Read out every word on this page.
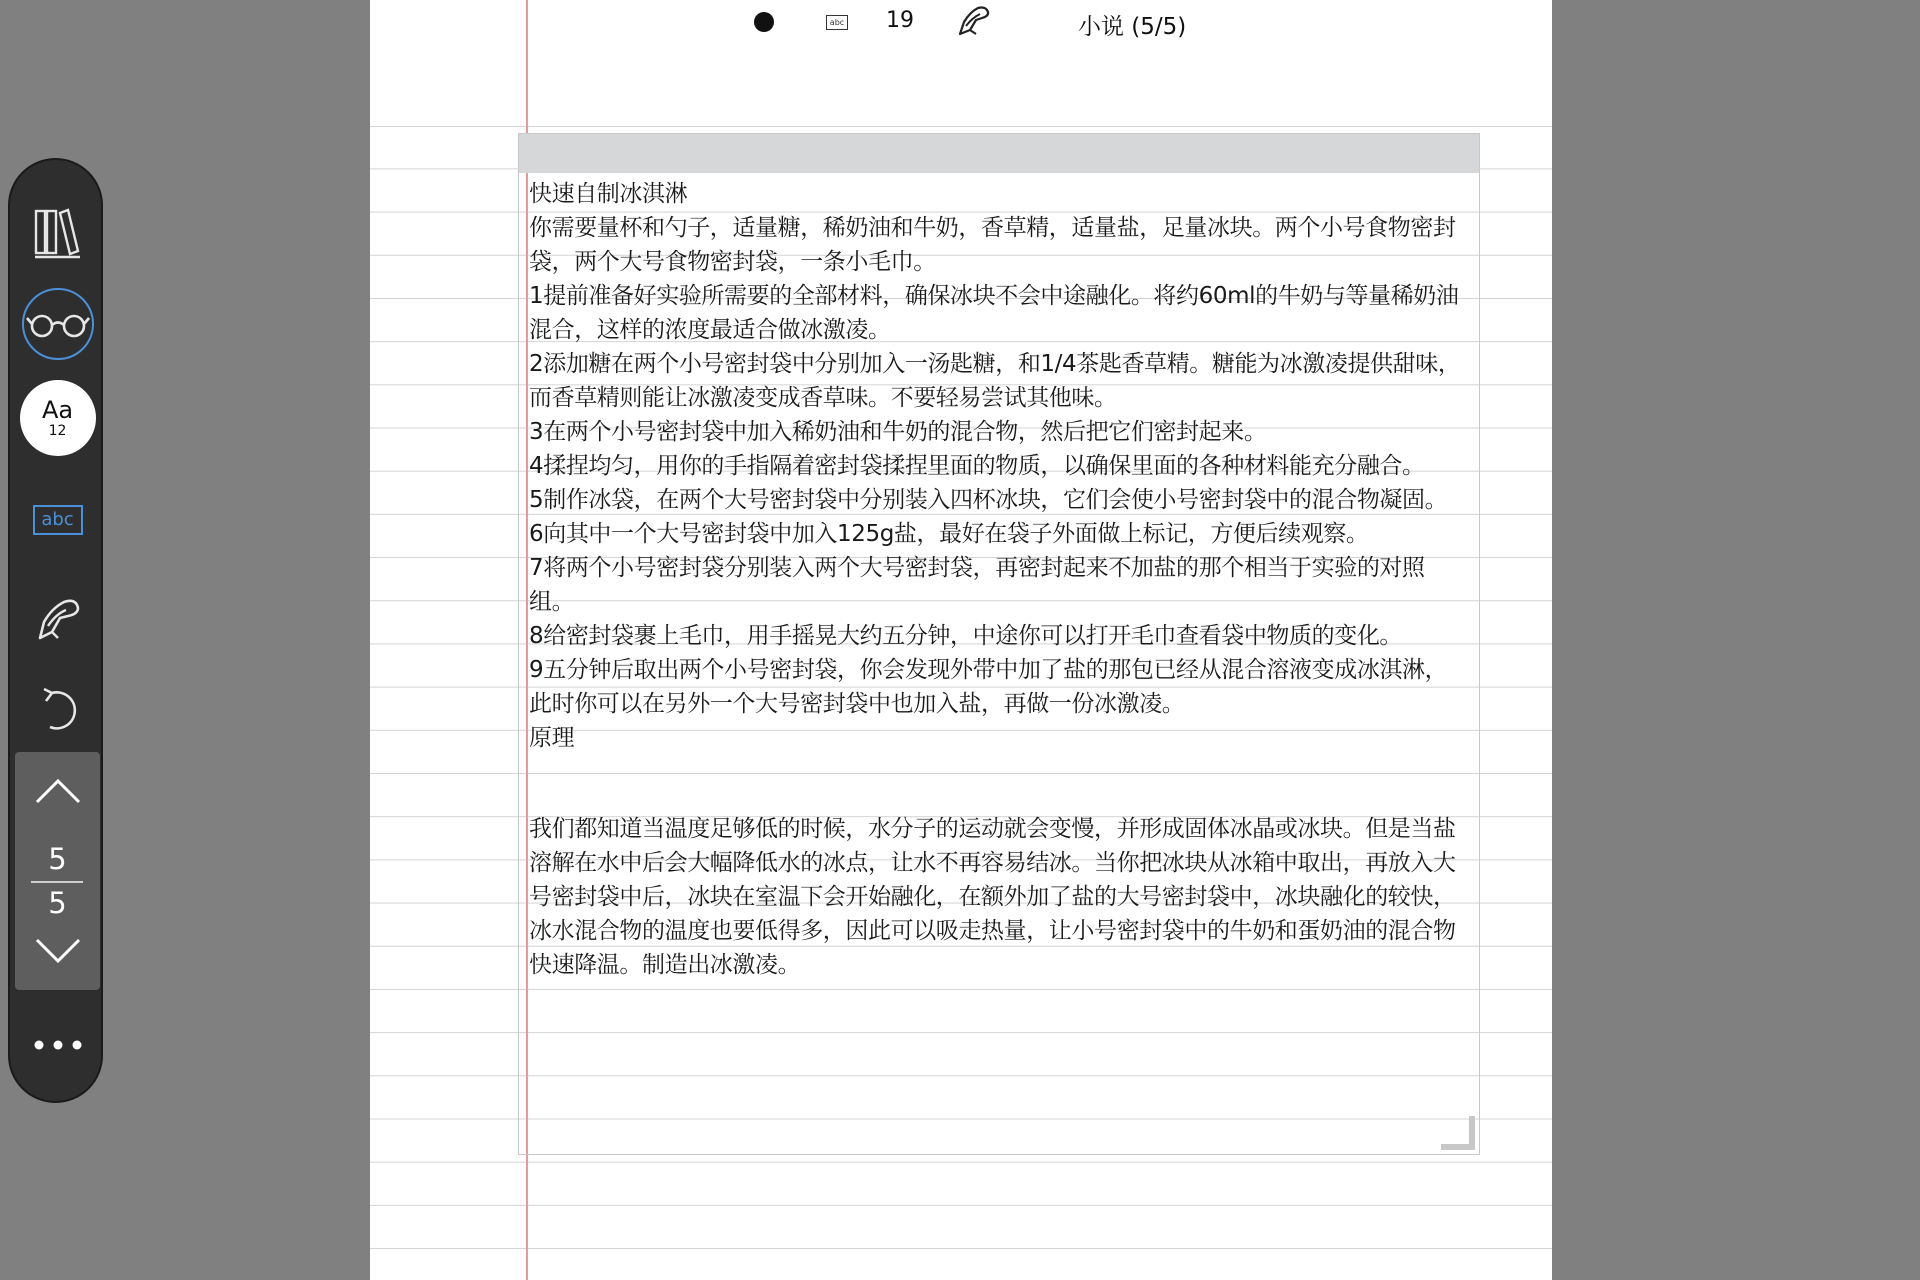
abc 19	小说 (5/5)

快速自制冰淇淋

你需要量杯和勺子，适量糖，稀奶油和牛奶，香草精，适量盐，足量冰块。两个小号食物密封袋，两个大号食物密封袋，一条小毛巾。

1提前准备好实验所需要的全部材料，确保冰块不会中途融化。将约60ml的牛奶与等量稀奶油混合，这样的浓度最适合做冰激凌。

2添加糖在两个小号密封袋中分别加入一汤匙糖，和1/4茶匙香草精。糖能为冰激凌提供甜味，而香草精则能让冰激凌变成香草味。不要轻易尝试其他味。

3在两个小号密封袋中加入稀奶油和牛奶的混合物，然后把它们密封起来。

4揉捏均匀，用你的手指隔着密封袋揉捏里面的物质，以确保里面的各种材料能充分融合。

5制作冰袋，在两个大号密封袋中分别装入四杯冰块，它们会使小号密封袋中的混合物凝固。

6向其中一个大号密封袋中加入125g盐，最好在袋子外面做上标记，方便后续观察。

7将两个小号密封袋分别装入两个大号密封袋，再密封起来不加盐的那个相当于实验的对照组。

8给密封袋裹上毛巾，用手摇晃大约五分钟，中途你可以打开毛巾查看袋中物质的变化。

9五分钟后取出两个小号密封袋，你会发现外带中加了盐的那包已经从混合溶液变成冰淇淋，此时你可以在另外一个大号密封袋中也加入盐，再做一份冰激凌。

原理

我们都知道当温度足够低的时候，水分子的运动就会变慢，并形成固体冰晶或冰块。但是当盐溶解在水中后会大幅降低水的冰点，让水不再容易结冰。当你把冰块从冰箱中取出，再放入大号密封袋中后，冰块在室温下会开始融化，在额外加了盐的大号密封袋中，冰块融化的较快，冰水混合物的温度也要低得多，因此可以吸走热量，让小号密封袋中的牛奶和蛋奶油的混合物快速降温。制造出冰激凌。

Aa
12
abc
5
5
